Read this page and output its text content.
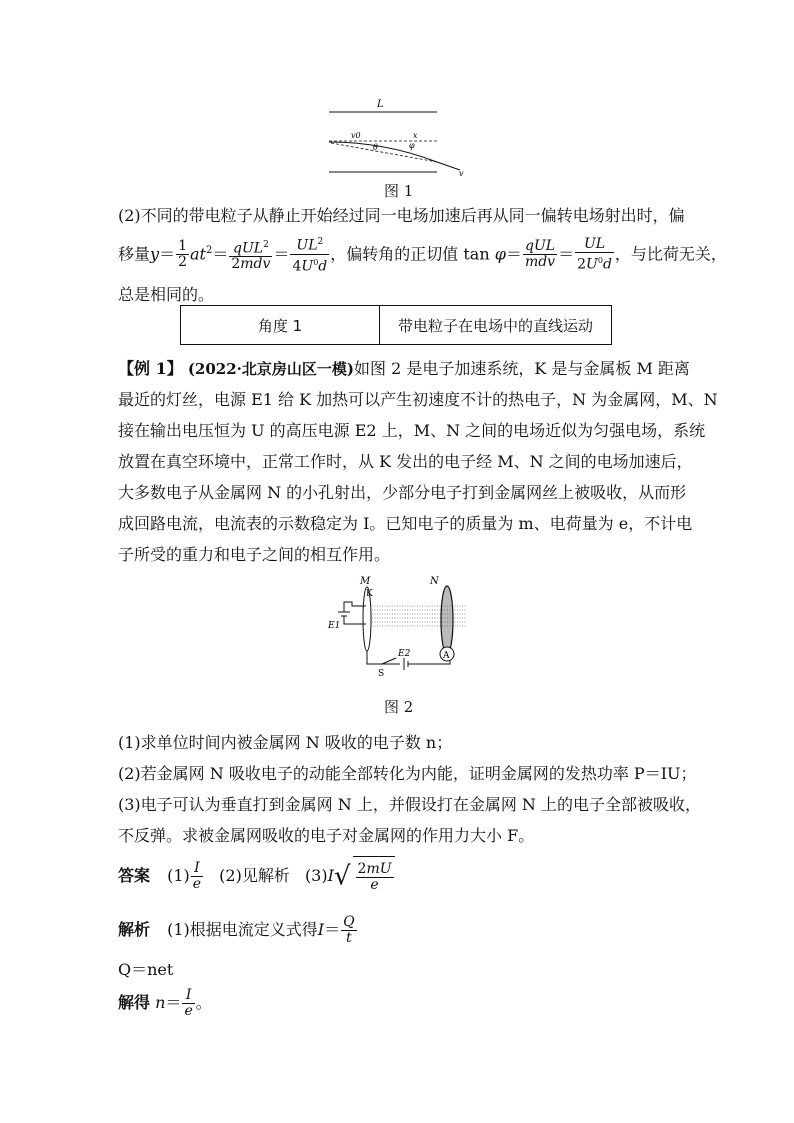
L
v0	x
θ	φ
v
图 1
(2)不同的带电粒子从静止开始经过同一电场加速后再从同一偏转电场射出时，偏
移量$y= \frac{1}{2} at^2= \frac{qUL^2}{\text{2mdv}} = \frac{UL^2}{4U^0d}$ ，偏转角的正切值 $\tan \varphi= \frac{\text{qUL}}{\text{mdv}} = \frac{UL}{2U^0d}$ ，与比荷无关，
总是相同的。
角度 1	带电粒子在电场中的直线运动
【例 1】 (2022·北京房山区一模)如图 2 是电子加速系统，K 是与金属板 M 距离
最近的灯丝，电源 E1 给 K 加热可以产生初速度不计的热电子，N 为金属网，M、N
接在输出电压恒为 U 的高压电源 E2 上，M、N 之间的电场近似为匀强电场，系统
放置在真空环境中，正常工作时，从 K 发出的电子经 M、N 之间的电场加速后，
大多数电子从金属网 N 的小孔射出，少部分电子打到金属网丝上被吸收，从而形
成回路电流，电流表的示数稳定为 I。已知电子的质量为 m、电荷量为 e，不计电
子所受的重力和电子之间的相互作用。
A
M	N
K
E1
E2
S
图 2
(1)求单位时间内被金属网 N 吸收的电子数 n；
(2)若金属网 N 吸收电子的动能全部转化为内能，证明金属网的发热功率 P＝IU；
(3)电子可认为垂直打到金属网 N 上，并假设打在金属网 N 上的电子全部被吸收，
不反弹。求被金属网吸收的电子对金属网的作用力大小 F。
答案 $(1) \frac{I}{e} (2)$见解析 $(3)I√ \frac{2mU}{e}$
解析 (1)根据电流定义式得$I= \frac{Q}{t}$
Q＝net
解得 $n= \frac{I}{e}$ 。
